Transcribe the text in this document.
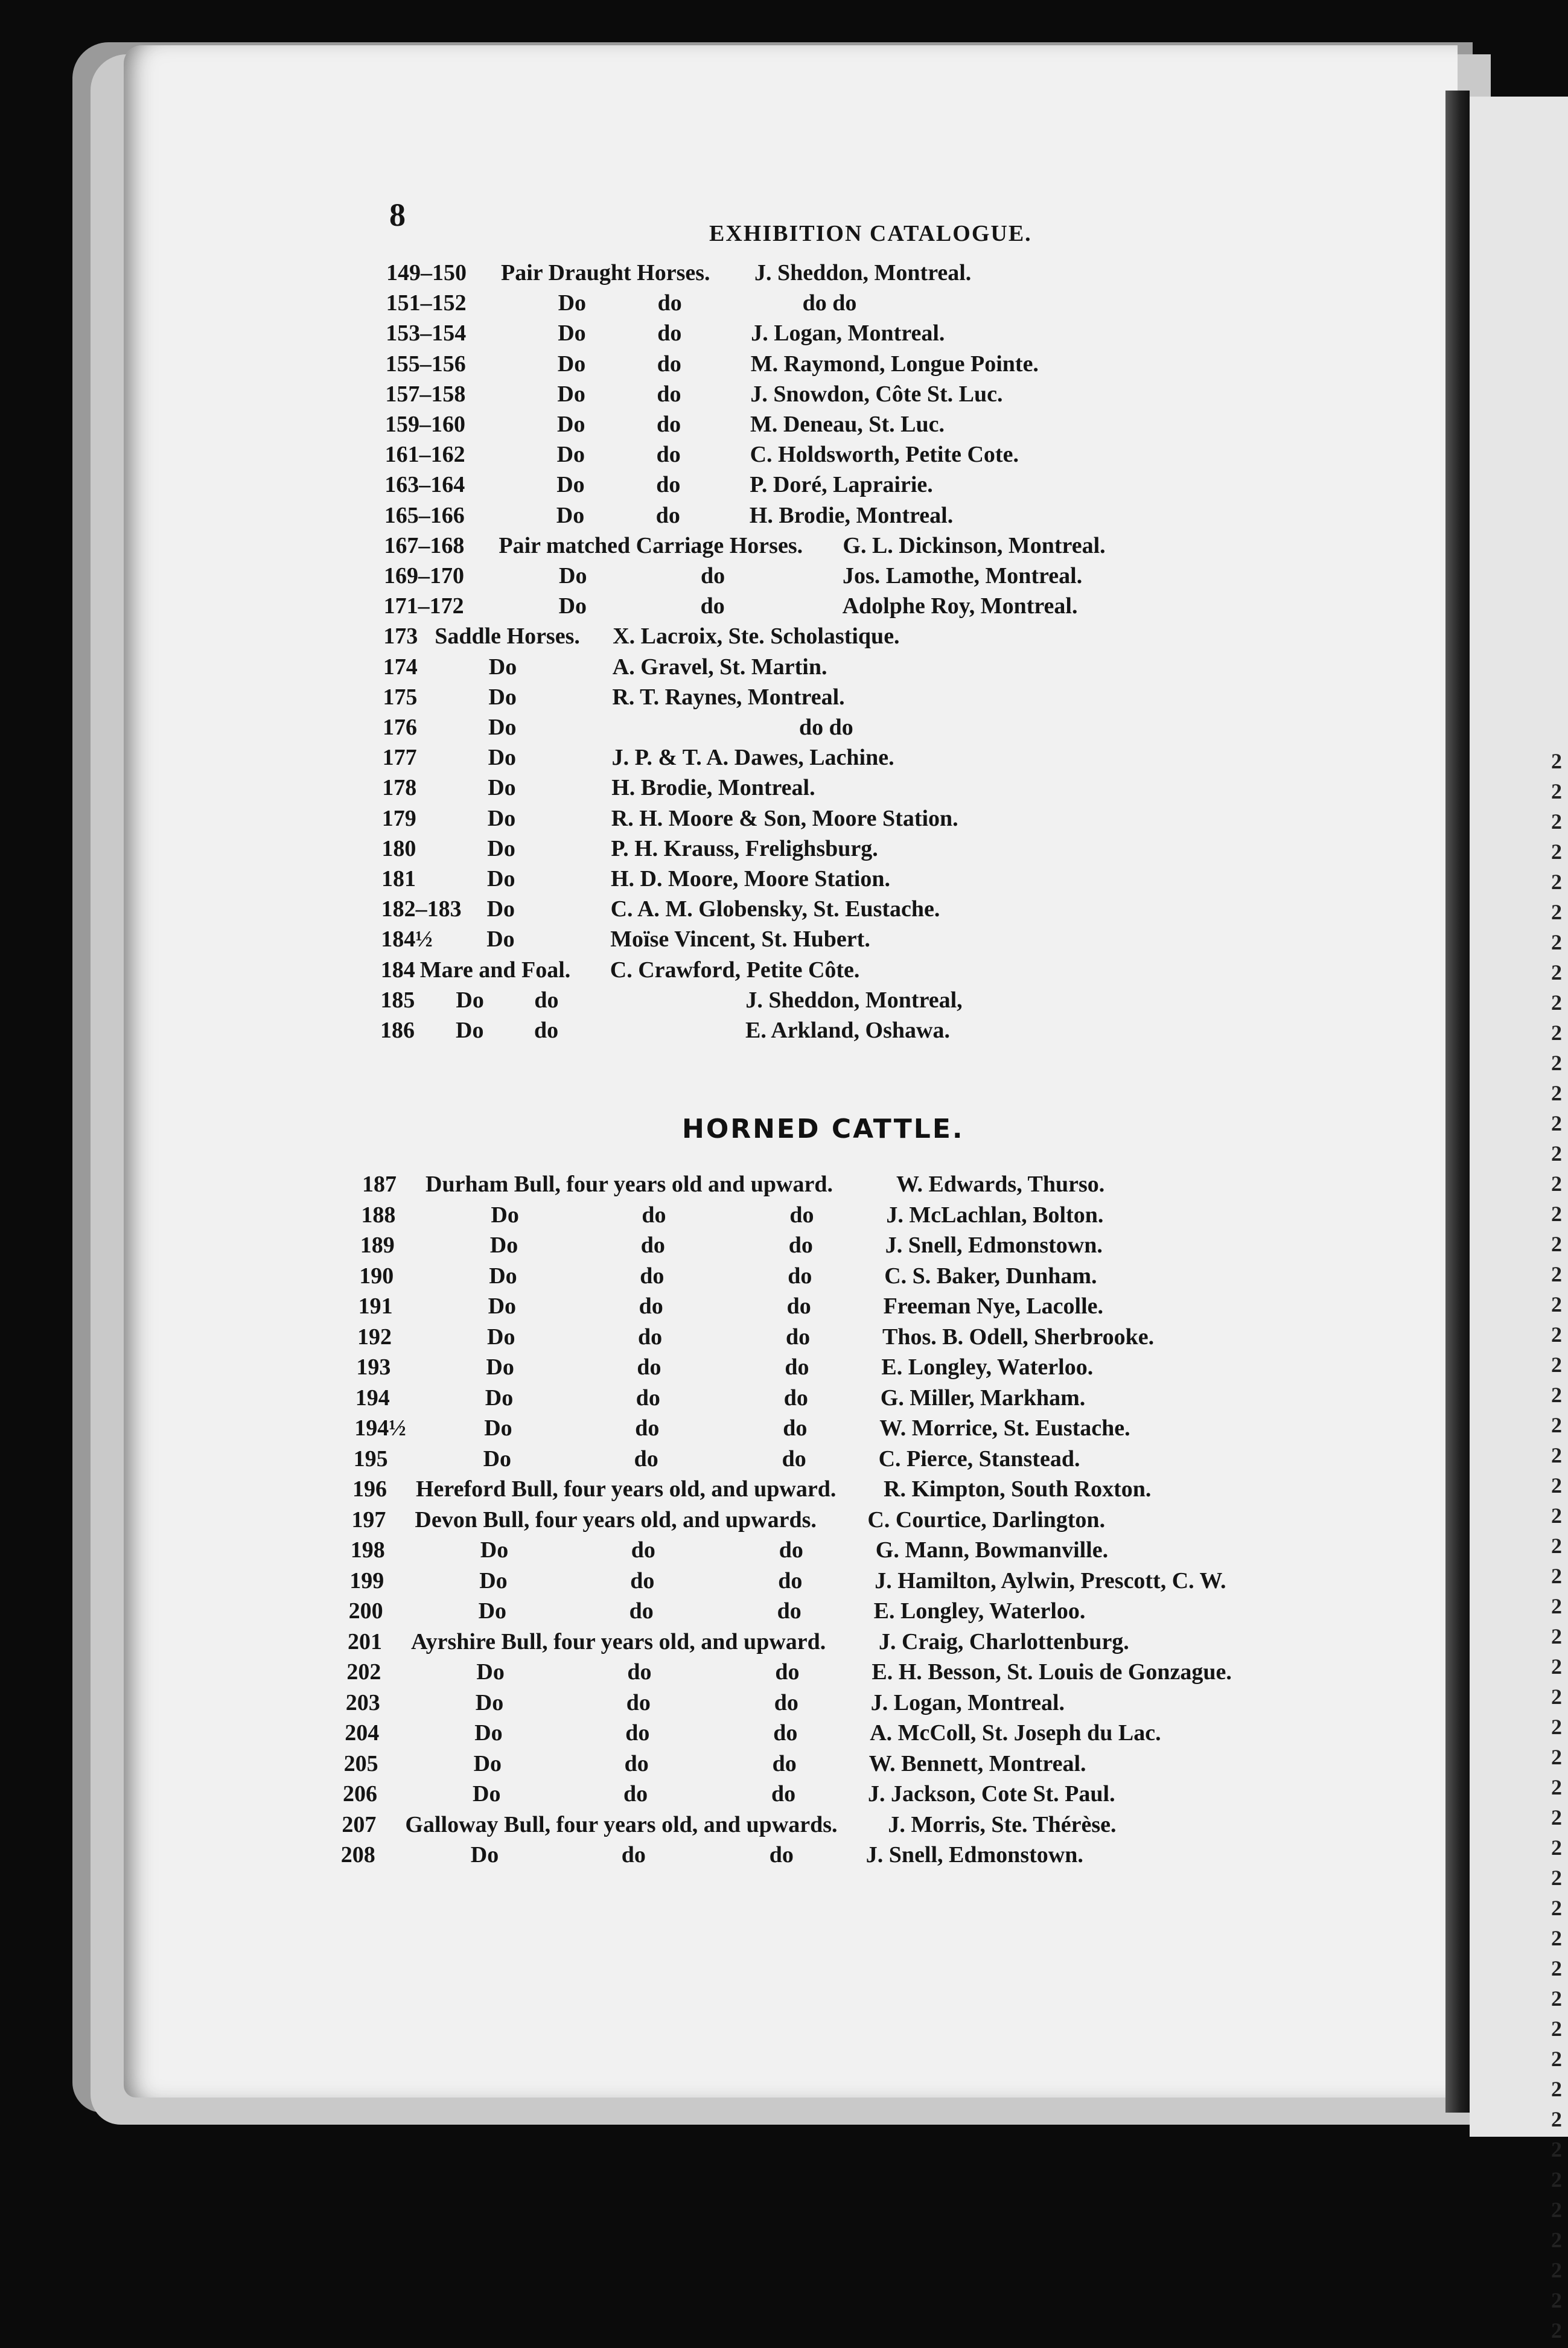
8
EXHIBITION CATALOGUE.
149–150 Pair Draught Horses. J. Sheddon, Montreal.
151–152	Do	do	do do
153–154	Do	do	J. Logan, Montreal.
155–156	Do	do	M. Raymond, Longue Pointe.
157–158	Do	do	J. Snowdon, Côte St. Luc.
159–160	Do	do	M. Deneau, St. Luc.
161–162	Do	do	C. Holdsworth, Petite Cote.
163–164	Do	do	P. Doré, Laprairie.
165–166	Do	do	H. Brodie, Montreal.
167–168 Pair matched Carriage Horses. G. L. Dickinson, Montreal.
169–170	Do	do	Jos. Lamothe, Montreal.
171–172	Do	do	Adolphe Roy, Montreal.
173 Saddle Horses. X. Lacroix, Ste. Scholastique.
174	Do	A. Gravel, St. Martin.
175	Do	R. T. Raynes, Montreal.
176	Do	do do
177	Do	J. P. & T. A. Dawes, Lachine.
178	Do	H. Brodie, Montreal.
179	Do	R. H. Moore & Son, Moore Station.
180	Do	P. H. Krauss, Frelighsburg.
181	Do	H. D. Moore, Moore Station.
182–183 Do	C. A. M. Globensky, St. Eustache.
184½ Do	Moïse Vincent, St. Hubert.
184 Mare and Foal. C. Crawford, Petite Côte.
185 Do do	J. Sheddon, Montreal,
186 Do do	E. Arkland, Oshawa.
HORNED CATTLE.
187 Durham Bull, four years old and upward.	W. Edwards, Thurso.
188	Do	do	do	J. McLachlan, Bolton.
189	Do	do	do	J. Snell, Edmonstown.
190	Do	do	do	C. S. Baker, Dunham.
191	Do	do	do	Freeman Nye, Lacolle.
192	Do	do	do	Thos. B. Odell, Sherbrooke.
193	Do	do	do	E. Longley, Waterloo.
194	Do	do	do	G. Miller, Markham.
194½	Do	do	do	W. Morrice, St. Eustache.
195	Do	do	do	C. Pierce, Stanstead.
196 Hereford Bull, four years old, and upward. R. Kimpton, South Roxton.
197 Devon Bull, four years old, and upwards. C. Courtice, Darlington.
198	Do	do	do	G. Mann, Bowmanville.
199	Do	do	do	J. Hamilton, Aylwin, Prescott, C. W.
200	Do	do	do	E. Longley, Waterloo.
201 Ayrshire Bull, four years old, and upward. J. Craig, Charlottenburg.
202	Do	do	do	E. H. Besson, St. Louis de Gonzague.
203	Do	do	do	J. Logan, Montreal.
204	Do	do	do	A. McColl, St. Joseph du Lac.
205	Do	do	do	W. Bennett, Montreal.
206	Do	do	do	J. Jackson, Cote St. Paul.
207 Galloway Bull, four years old, and upwards. J. Morris, Ste. Thérèse.
208	Do	do	do	J. Snell, Edmonstown.
2
2
2
2
2
2
2
2
2
2
2
2
2
2
2
2
2
2
2
2
2
2
2
2
2
2
2
2
2
2
2
2
2
2
2
2
2
2
2
2
2
2
2
2
2
2
2
2
2
2
2
2
2
